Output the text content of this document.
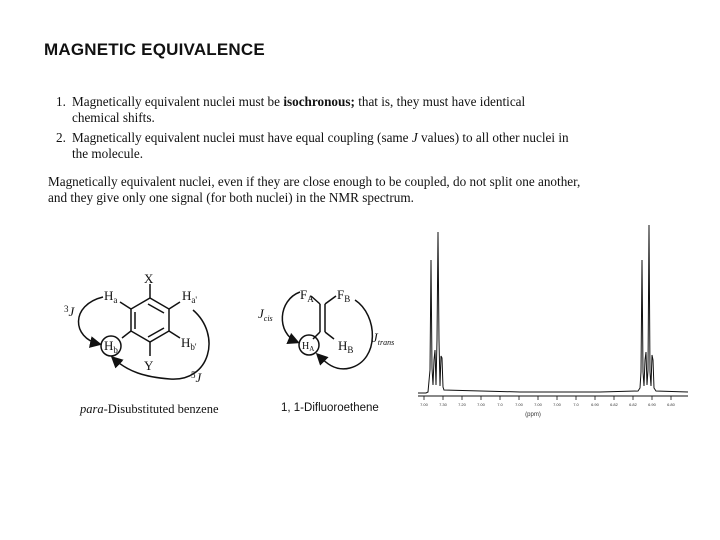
MAGNETIC EQUIVALENCE
1. Magnetically equivalent nuclei must be isochronous; that is, they must have identical chemical shifts.
2. Magnetically equivalent nuclei must have equal coupling (same J values) to all other nuclei in the molecule.
Magnetically equivalent nuclei, even if they are close enough to be coupled, do not split one another, and they give only one signal (for both nuclei) in the NMR spectrum.
X
Y
$H_a$	$H_{a'}$
$H_b$	$H_{b'}$
$^3$J
$^5$J
$F_A$ $F_B$
$H_A$ $H_B$
$J_{cis}$
$J_{trans}$
7.00	7.30	7.20	7.00	7.0	7.00	7.00	7.00	7.0	6.90	6.82	6.82	6.90	6.80
(ppm)
para-Disubstituted benzene	1, 1-Difluoroethene
